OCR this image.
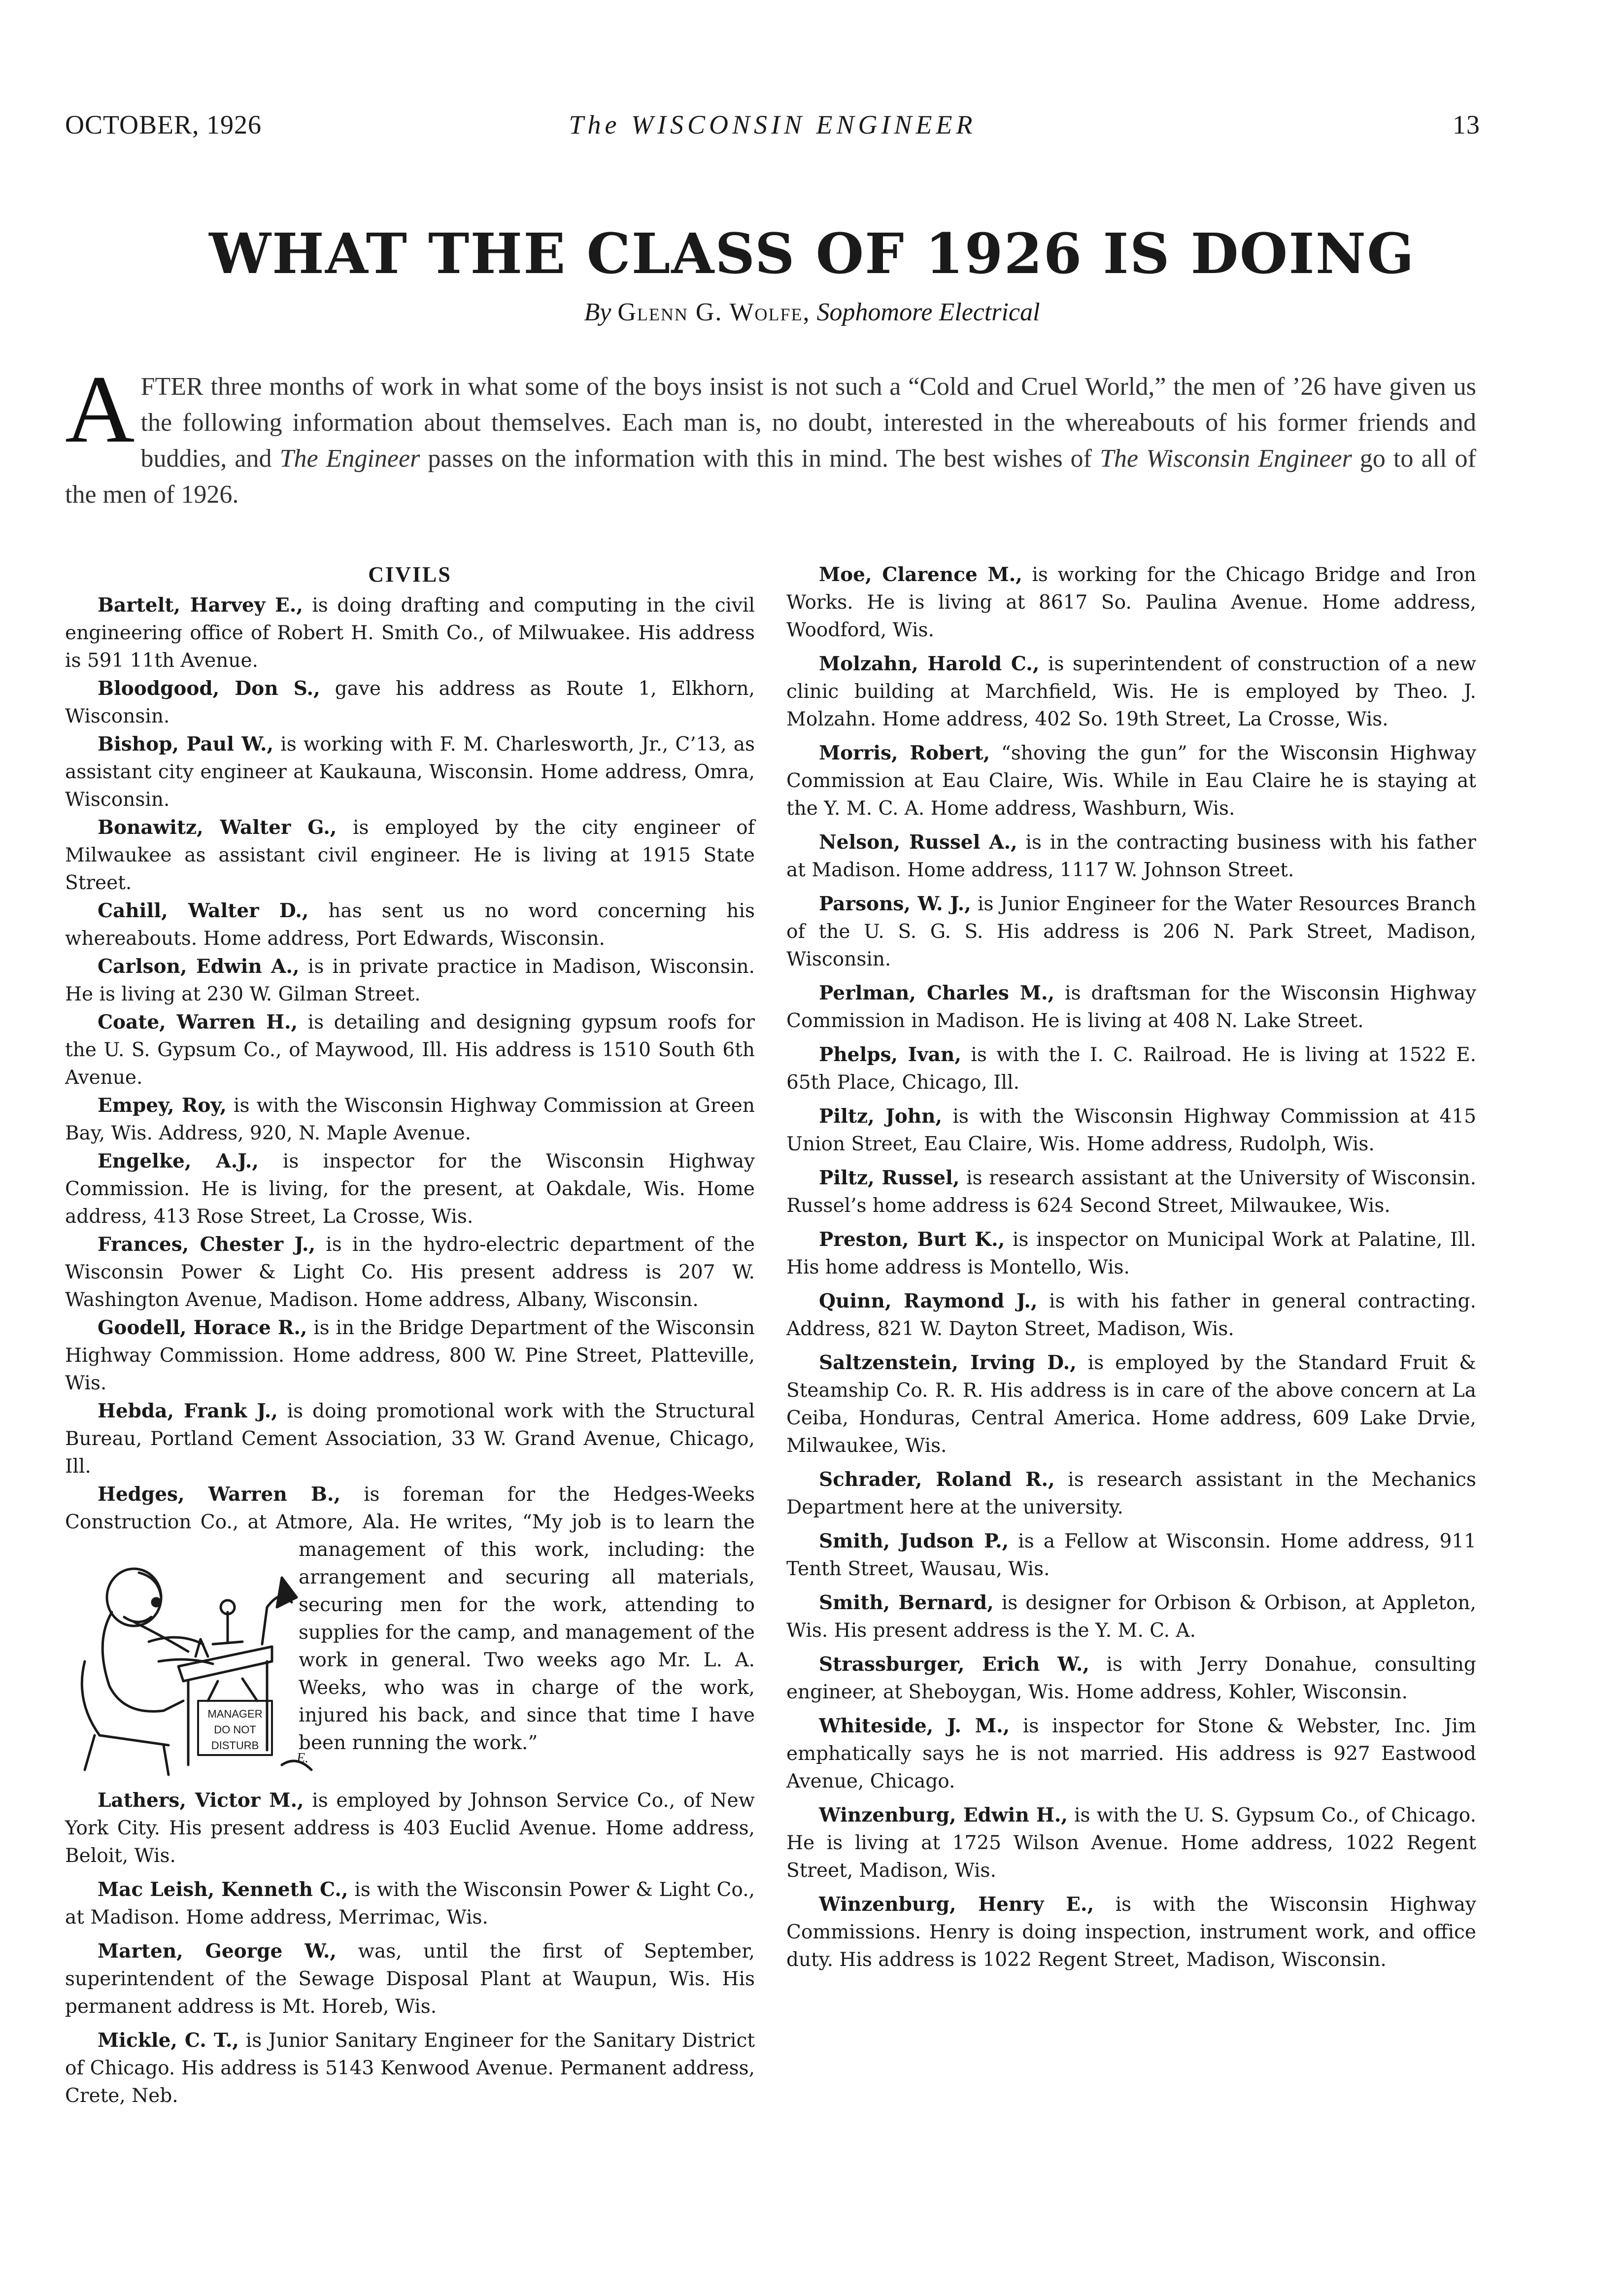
OCTOBER, 1926	The WISCONSIN ENGINEER	13
WHAT THE CLASS OF 1926 IS DOING
By Glenn G. Wolfe, Sophomore Electrical
AFTER three months of work in what some of the boys insist is not such a “Cold and Cruel World,” the men of ’26 have given us the following information about themselves. Each man is, no doubt, interested in the whereabouts of his former friends and buddies, and The Engineer passes on the information with this in mind. The best wishes of The Wisconsin Engineer go to all of the men of 1926.
CIVILS
Bartelt, Harvey E., is doing drafting and computing in the civil engineering office of Robert H. Smith Co., of Milwuakee. His address is 591 11th Avenue.
Bloodgood, Don S., gave his address as Route 1, Elkhorn, Wisconsin.
Bishop, Paul W., is working with F. M. Charlesworth, Jr., C’13, as assistant city engineer at Kaukauna, Wisconsin. Home address, Omra, Wisconsin.
Bonawitz, Walter G., is employed by the city engineer of Milwaukee as assistant civil engineer. He is living at 1915 State Street.
Cahill, Walter D., has sent us no word concerning his whereabouts. Home address, Port Edwards, Wisconsin.
Carlson, Edwin A., is in private practice in Madison, Wisconsin. He is living at 230 W. Gilman Street.
Coate, Warren H., is detailing and designing gypsum roofs for the U. S. Gypsum Co., of Maywood, Ill. His address is 1510 South 6th Avenue.
Empey, Roy, is with the Wisconsin Highway Commission at Green Bay, Wis. Address, 920, N. Maple Avenue.
Engelke, A.J., is inspector for the Wisconsin Highway Commission. He is living, for the present, at Oakdale, Wis. Home address, 413 Rose Street, La Crosse, Wis.
Frances, Chester J., is in the hydro-electric department of the Wisconsin Power & Light Co. His present address is 207 W. Washington Avenue, Madison. Home address, Albany, Wisconsin.
Goodell, Horace R., is in the Bridge Department of the Wisconsin Highway Commission. Home address, 800 W. Pine Street, Platteville, Wis.
Hebda, Frank J., is doing promotional work with the Structural Bureau, Portland Cement Association, 33 W. Grand Avenue, Chicago, Ill.
Hedges, Warren B., is foreman for the Hedges-Weeks Construction Co., at Atmore, Ala. He writes, “My job is to
MANAGER
DO NOT
DISTURB
E.
learn the management of this work, including: the arrangement and securing all materials, securing men for the work, attending to supplies for the camp, and management of the work in general. Two weeks ago Mr. L. A. Weeks, who was in charge of the work, injured his back, and since that time I have been running the work.”
Lathers, Victor M., is employed by Johnson Service Co., of New York City. His present address is 403 Euclid Avenue. Home address, Beloit, Wis.
Mac Leish, Kenneth C., is with the Wisconsin Power & Light Co., at Madison. Home address, Merrimac, Wis.
Marten, George W., was, until the first of September, superintendent of the Sewage Disposal Plant at Waupun, Wis. His permanent address is Mt. Horeb, Wis.
Mickle, C. T., is Junior Sanitary Engineer for the Sanitary District of Chicago. His address is 5143 Kenwood Avenue. Permanent address, Crete, Neb.
Moe, Clarence M., is working for the Chicago Bridge and Iron Works. He is living at 8617 So. Paulina Avenue. Home address, Woodford, Wis.
Molzahn, Harold C., is superintendent of construction of a new clinic building at Marchfield, Wis. He is employed by Theo. J. Molzahn. Home address, 402 So. 19th Street, La Crosse, Wis.
Morris, Robert, “shoving the gun” for the Wisconsin Highway Commission at Eau Claire, Wis. While in Eau Claire he is staying at the Y. M. C. A. Home address, Washburn, Wis.
Nelson, Russel A., is in the contracting business with his father at Madison. Home address, 1117 W. Johnson Street.
Parsons, W. J., is Junior Engineer for the Water Resources Branch of the U. S. G. S. His address is 206 N. Park Street, Madison, Wisconsin.
Perlman, Charles M., is draftsman for the Wisconsin Highway Commission in Madison. He is living at 408 N. Lake Street.
Phelps, Ivan, is with the I. C. Railroad. He is living at 1522 E. 65th Place, Chicago, Ill.
Piltz, John, is with the Wisconsin Highway Commission at 415 Union Street, Eau Claire, Wis. Home address, Rudolph, Wis.
Piltz, Russel, is research assistant at the University of Wisconsin. Russel’s home address is 624 Second Street, Milwaukee, Wis.
Preston, Burt K., is inspector on Municipal Work at Palatine, Ill. His home address is Montello, Wis.
Quinn, Raymond J., is with his father in general contracting. Address, 821 W. Dayton Street, Madison, Wis.
Saltzenstein, Irving D., is employed by the Standard Fruit & Steamship Co. R. R. His address is in care of the above concern at La Ceiba, Honduras, Central America. Home address, 609 Lake Drvie, Milwaukee, Wis.
Schrader, Roland R., is research assistant in the Mechanics Department here at the university.
Smith, Judson P., is a Fellow at Wisconsin. Home address, 911 Tenth Street, Wausau, Wis.
Smith, Bernard, is designer for Orbison & Orbison, at Appleton, Wis. His present address is the Y. M. C. A.
Strassburger, Erich W., is with Jerry Donahue, consulting engineer, at Sheboygan, Wis. Home address, Kohler, Wisconsin.
Whiteside, J. M., is inspector for Stone & Webster, Inc. Jim emphatically says he is not married. His address is 927 Eastwood Avenue, Chicago.
Winzenburg, Edwin H., is with the U. S. Gypsum Co., of Chicago. He is living at 1725 Wilson Avenue. Home address, 1022 Regent Street, Madison, Wis.
Winzenburg, Henry E., is with the Wisconsin Highway Commissions. Henry is doing inspection, instrument work, and office duty. His address is 1022 Regent Street, Madison, Wisconsin.
